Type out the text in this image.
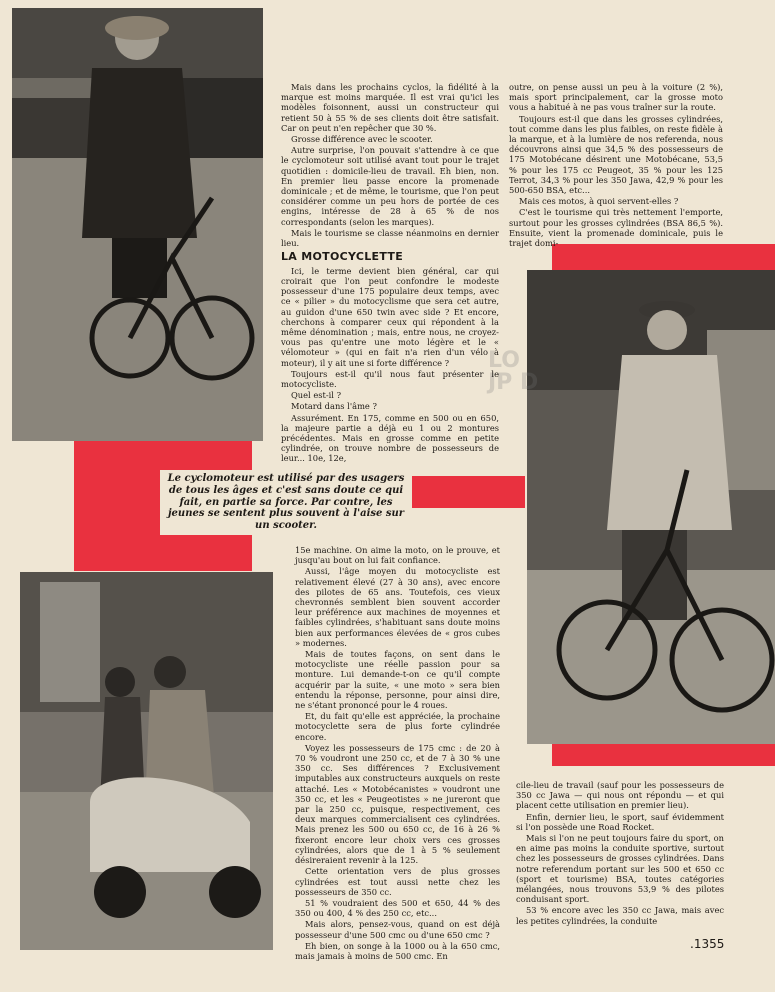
LO JP D

Mais dans les prochains cyclos, la fidélité à la marque est moins marquée. Il est vrai qu'ici les modèles foisonnent, aussi un constructeur qui retient 50 à 55 % de ses clients doit être satisfait. Car on peut n'en repêcher que 30 %.

Grosse différence avec le scooter.

Autre surprise, l'on pouvait s'attendre à ce que le cyclomoteur soit utilisé avant tout pour le trajet quotidien : domicile-lieu de travail. Eh bien, non. En premier lieu passe encore la promenade dominicale ; et de même, le tourisme, que l'on peut considérer comme un peu hors de portée de ces engins, intéresse de 28 à 65 % de nos correspondants (selon les marques).

Mais le tourisme se classe néanmoins en dernier lieu.

LA MOTOCYCLETTE

Ici, le terme devient bien général, car qui croirait que l'on peut confondre le modeste possesseur d'une 175 populaire deux temps, avec ce « pilier » du motocyclisme que sera cet autre, au guidon d'une 650 twin avec side ? Et encore, cherchons à comparer ceux qui répondent à la même dénomination ; mais, entre nous, ne croyez-vous pas qu'entre une moto légère et le « vélomoteur » (qui en fait n'a rien d'un vélo à moteur), il y ait une si forte différence ?

Toujours est-il qu'il nous faut présenter le motocycliste.

Quel est-il ?

Motard dans l'âme ?

Assurément. En 175, comme en 500 ou en 650, la majeure partie a déjà eu 1 ou 2 montures précédentes. Mais en grosse comme en petite cylindrée, on trouve nombre de possesseurs de leur... 10e, 12e,

outre, on pense aussi un peu à la voiture (2 %), mais sport principalement, car la grosse moto vous a habitué à ne pas vous traîner sur la route.

Toujours est-il que dans les grosses cylindrées, tout comme dans les plus faibles, on reste fidèle à la marque, et à la lumière de nos referenda, nous découvrons ainsi que 34,5 % des possesseurs de 175 Motobécane désirent une Motobécane, 53,5 % pour les 175 cc Peugeot, 35 % pour les 125 Terrot, 34,3 % pour les 350 Jawa, 42,9 % pour les 500-650 BSA, etc...

Mais ces motos, à quoi servent-elles ?

C'est le tourisme qui très nettement l'emporte, surtout pour les grosses cylindrées (BSA 86,5 %). Ensuite, vient la promenade dominicale, puis le trajet domi-

Le cyclomoteur est utilisé par des usagers de tous les âges et c'est sans doute ce qui fait, en partie sa force. Par contre, les jeunes se sentent plus souvent à l'aise sur un scooter.

15e machine. On aime la moto, on le prouve, et jusqu'au bout on lui fait confiance.

Aussi, l'âge moyen du motocycliste est relativement élevé (27 à 30 ans), avec encore des pilotes de 65 ans. Toutefois, ces vieux chevronnés semblent bien souvent accorder leur préférence aux machines de moyennes et faibles cylindrées, s'habituant sans doute moins bien aux performances élevées de « gros cubes » modernes.

Mais de toutes façons, on sent dans le motocycliste une réelle passion pour sa monture. Lui demande-t-on ce qu'il compte acquérir par la suite, « une moto » sera bien entendu la réponse, personne, pour ainsi dire, ne s'étant prononcé pour le 4 roues.

Et, du fait qu'elle est appréciée, la prochaine motocyclette sera de plus forte cylindrée encore.

Voyez les possesseurs de 175 cmc : de 20 à 70 % voudront une 250 cc, et de 7 à 30 % une 350 cc. Ses différences ? Exclusivement imputables aux constructeurs auxquels on reste attaché. Les « Motobécanistes » voudront une 350 cc, et les « Peugeotistes » ne jureront que par la 250 cc, puisque, respectivement, ces deux marques commercialisent ces cylindrées. Mais prenez les 500 ou 650 cc, de 16 à 26 % fixeront encore leur choix vers ces grosses cylindrées, alors que de 1 à 5 % seulement désireraient revenir à la 125.

Cette orientation vers de plus grosses cylindrées est tout aussi nette chez les possesseurs de 350 cc.

51 % voudraient des 500 et 650, 44 % des 350 ou 400, 4 % des 250 cc, etc...

Mais alors, pensez-vous, quand on est déjà possesseur d'une 500 cmc ou d'une 650 cmc ?

Eh bien, on songe à la 1000 ou à la 650 cmc, mais jamais à moins de 500 cmc. En

cile-lieu de travail (sauf pour les possesseurs de 350 cc Jawa — qui nous ont répondu — et qui placent cette utilisation en premier lieu).

Enfin, dernier lieu, le sport, sauf évidemment si l'on possède une Road Rocket.

Mais si l'on ne peut toujours faire du sport, on en aime pas moins la conduite sportive, surtout chez les possesseurs de grosses cylindrées. Dans notre referendum portant sur les 500 et 650 cc (sport et tourisme) BSA, toutes catégories mélangées, nous trouvons 53,9 % des pilotes conduisant sport.

53 % encore avec les 350 cc Jawa, mais avec les petites cylindrées, la conduite

.1355
